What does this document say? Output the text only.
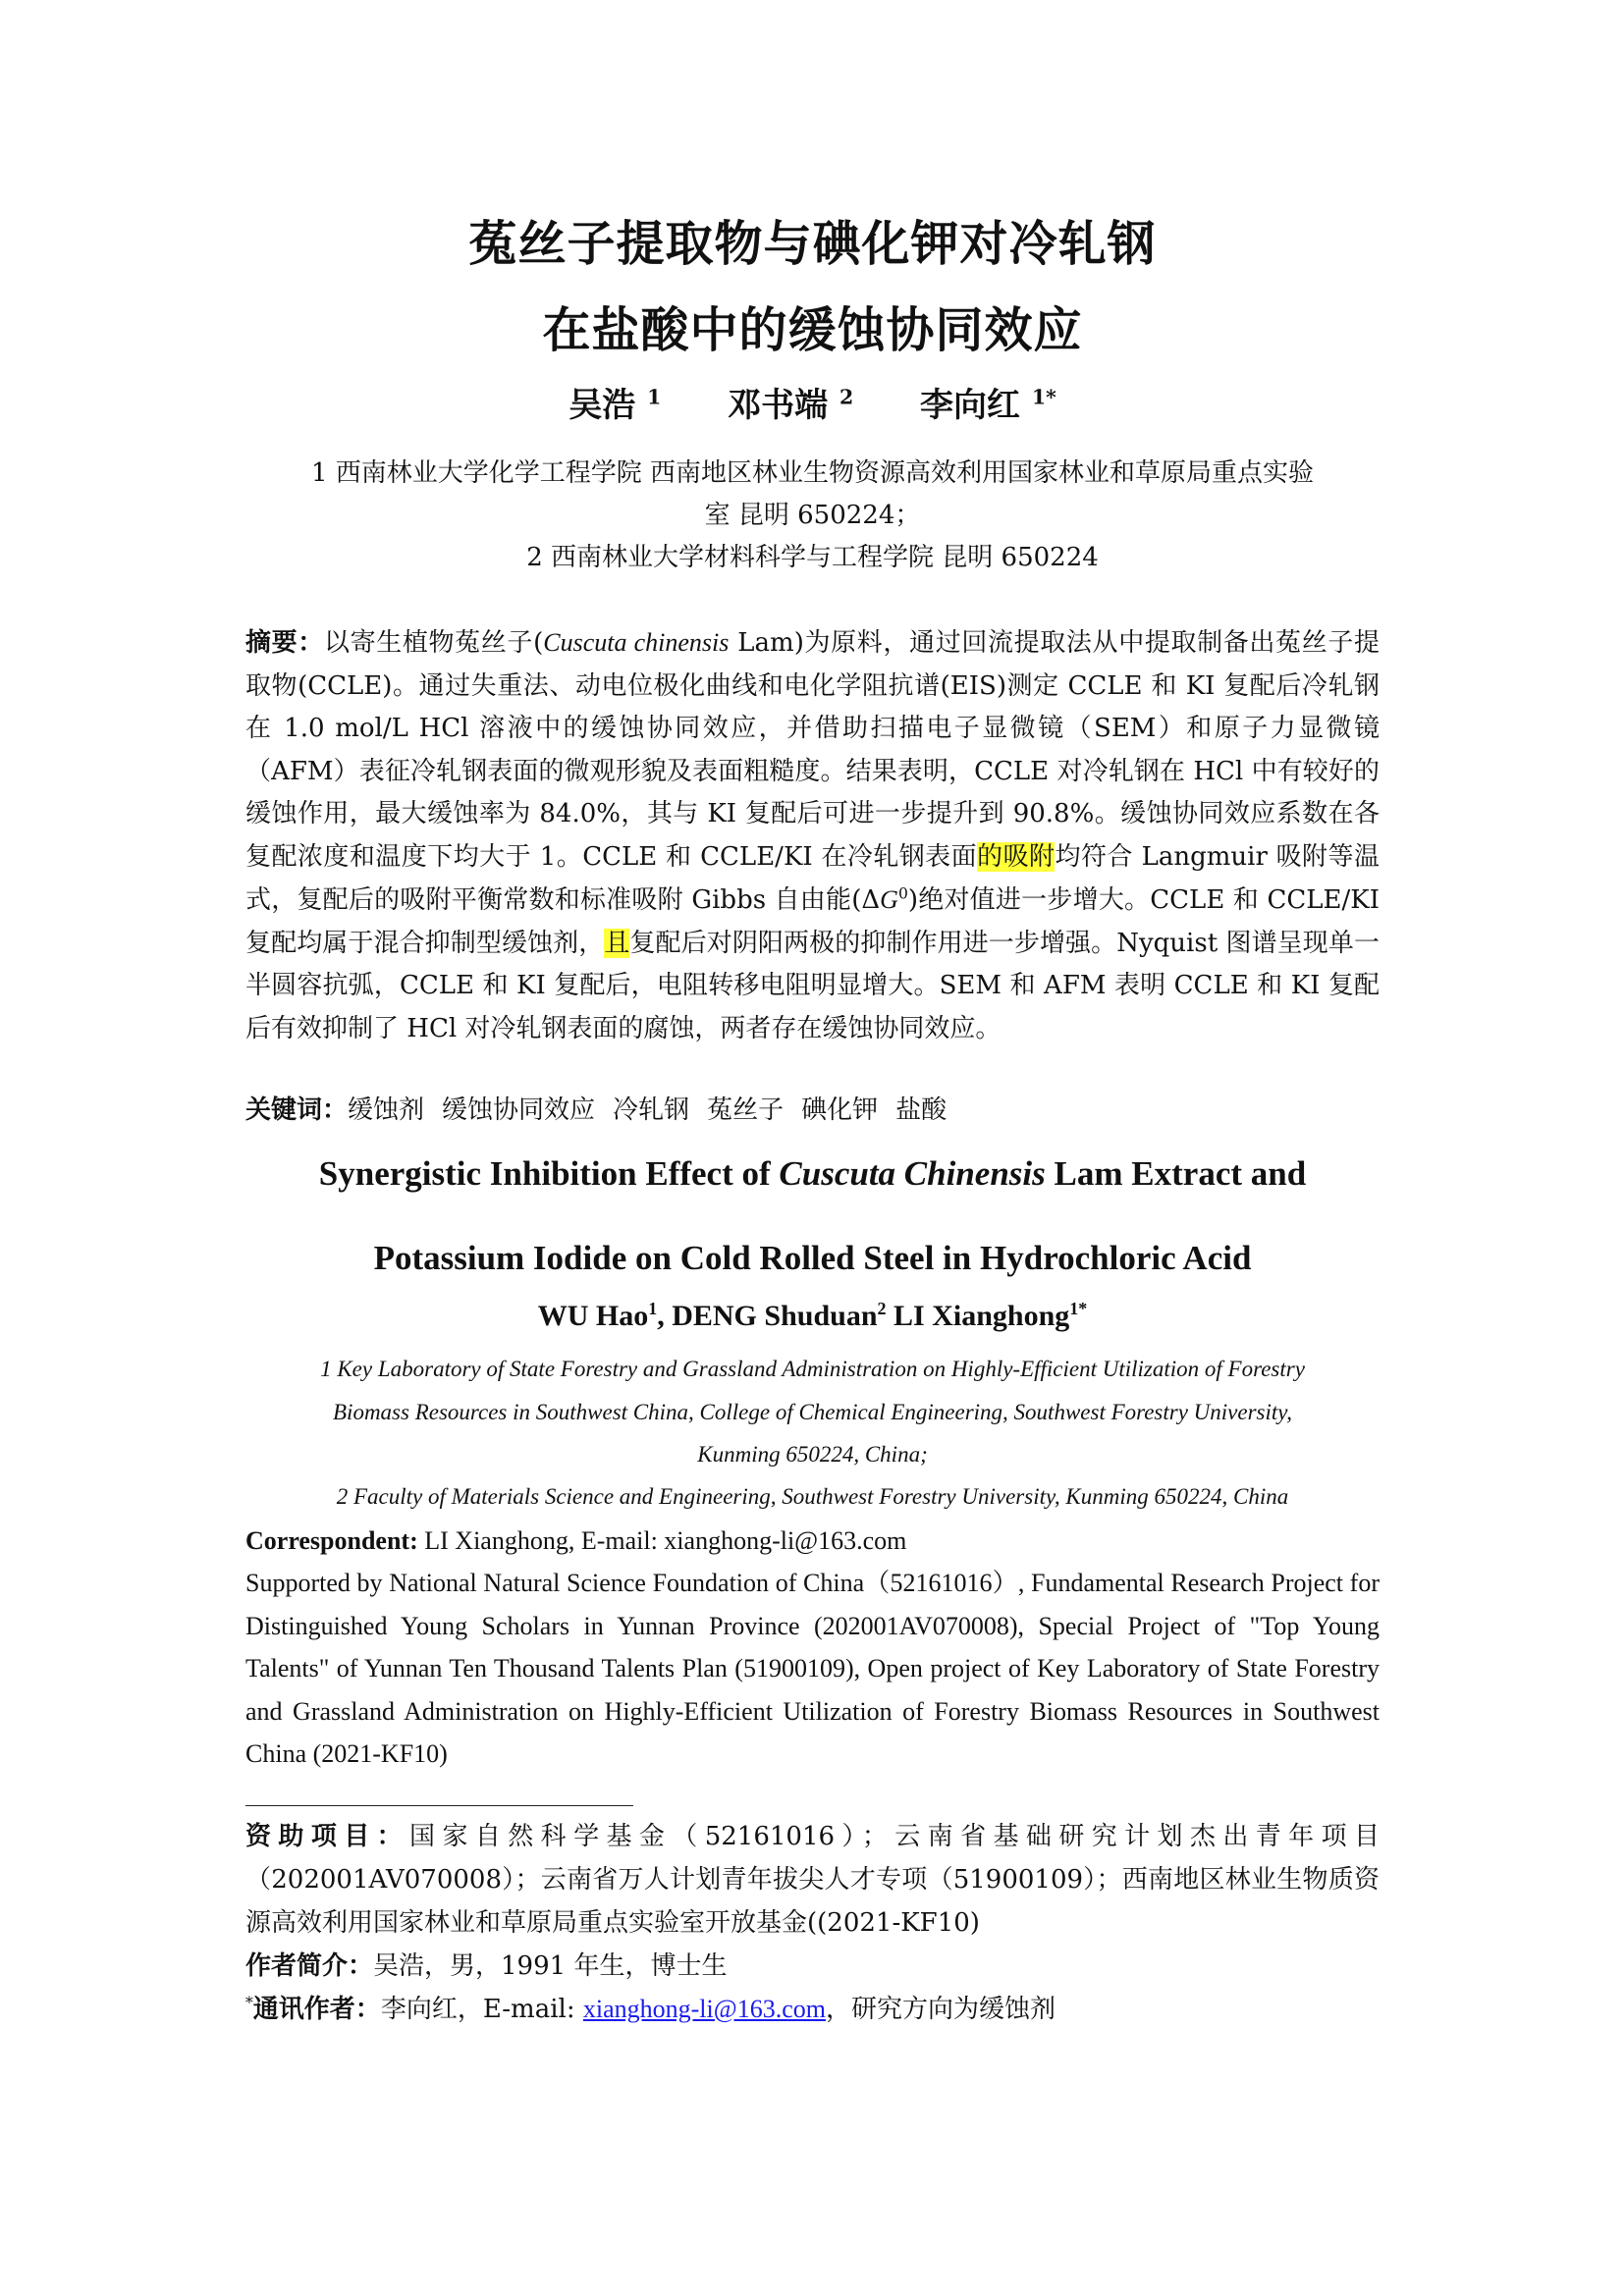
菟丝子提取物与碘化钾对冷轧钢
在盐酸中的缓蚀协同效应
吴浩 $^1$ 邓书端 $^2$ 李向红 $^{1*}$
1 西南林业大学化学工程学院 西南地区林业生物资源高效利用国家林业和草原局重点实验
室 昆明 650224；
2 西南林业大学材料科学与工程学院 昆明 650224
摘要：以寄生植物菟丝子(Cuscuta chinensis Lam)为原料，通过回流提取法从中提取制备出菟丝子提取物(CCLE)。通过失重法、动电位极化曲线和电化学阻抗谱(EIS)测定 CCLE 和 KI 复配后冷轧钢在 1.0 mol/L HCl 溶液中的缓蚀协同效应，并借助扫描电子显微镜（SEM）和原子力显微镜（AFM）表征冷轧钢表面的微观形貌及表面粗糙度。结果表明，CCLE 对冷轧钢在 HCl 中有较好的缓蚀作用，最大缓蚀率为 84.0%，其与 KI 复配后可进一步提升到 90.8%。缓蚀协同效应系数在各复配浓度和温度下均大于 1。CCLE 和 CCLE/KI 在冷轧钢表面的吸附均符合 Langmuir 吸附等温式，复配后的吸附平衡常数和标准吸附 Gibbs 自由能$(\Delta G^0)$绝对值进一步增大。CCLE 和 CCLE/KI 复配均属于混合抑制型缓蚀剂，且复配后对阴阳两极的抑制作用进一步增强。Nyquist 图谱呈现单一半圆容抗弧，CCLE 和 KI 复配后，电阻转移电阻明显增大。SEM 和 AFM 表明 CCLE 和 KI 复配后有效抑制了 HCl 对冷轧钢表面的腐蚀，两者存在缓蚀协同效应。
关键词：缓蚀剂 缓蚀协同效应 冷轧钢 菟丝子 碘化钾 盐酸
Synergistic Inhibition Effect of Cuscuta Chinensis Lam Extract and
Potassium Iodide on Cold Rolled Steel in Hydrochloric Acid
WU Hao$^1$, DENG Shuduan$^2$ LI Xianghong$^{1*}$
1 Key Laboratory of State Forestry and Grassland Administration on Highly-Efficient Utilization of Forestry
Biomass Resources in Southwest China, College of Chemical Engineering, Southwest Forestry University,
Kunming 650224, China;
2 Faculty of Materials Science and Engineering, Southwest Forestry University, Kunming 650224, China
Correspondent: LI Xianghong, E-mail: xianghong-li@163.com
Supported by National Natural Science Foundation of China（52161016）, Fundamental Research Project for Distinguished Young Scholars in Yunnan Province (202001AV070008), Special Project of "Top Young Talents" of Yunnan Ten Thousand Talents Plan (51900109), Open project of Key Laboratory of State Forestry and Grassland Administration on Highly-Efficient Utilization of Forestry Biomass Resources in Southwest China (2021-KF10)
资助项目：国家自然科学基金（52161016）；云南省基础研究计划杰出青年项目（202001AV070008）；云南省万人计划青年拔尖人才专项（51900109）；西南地区林业生物质资源高效利用国家林业和草原局重点实验室开放基金((2021-KF10)
作者简介：吴浩，男，1991 年生，博士生
*通讯作者：李向红，E-mail: xianghong-li@163.com，研究方向为缓蚀剂
